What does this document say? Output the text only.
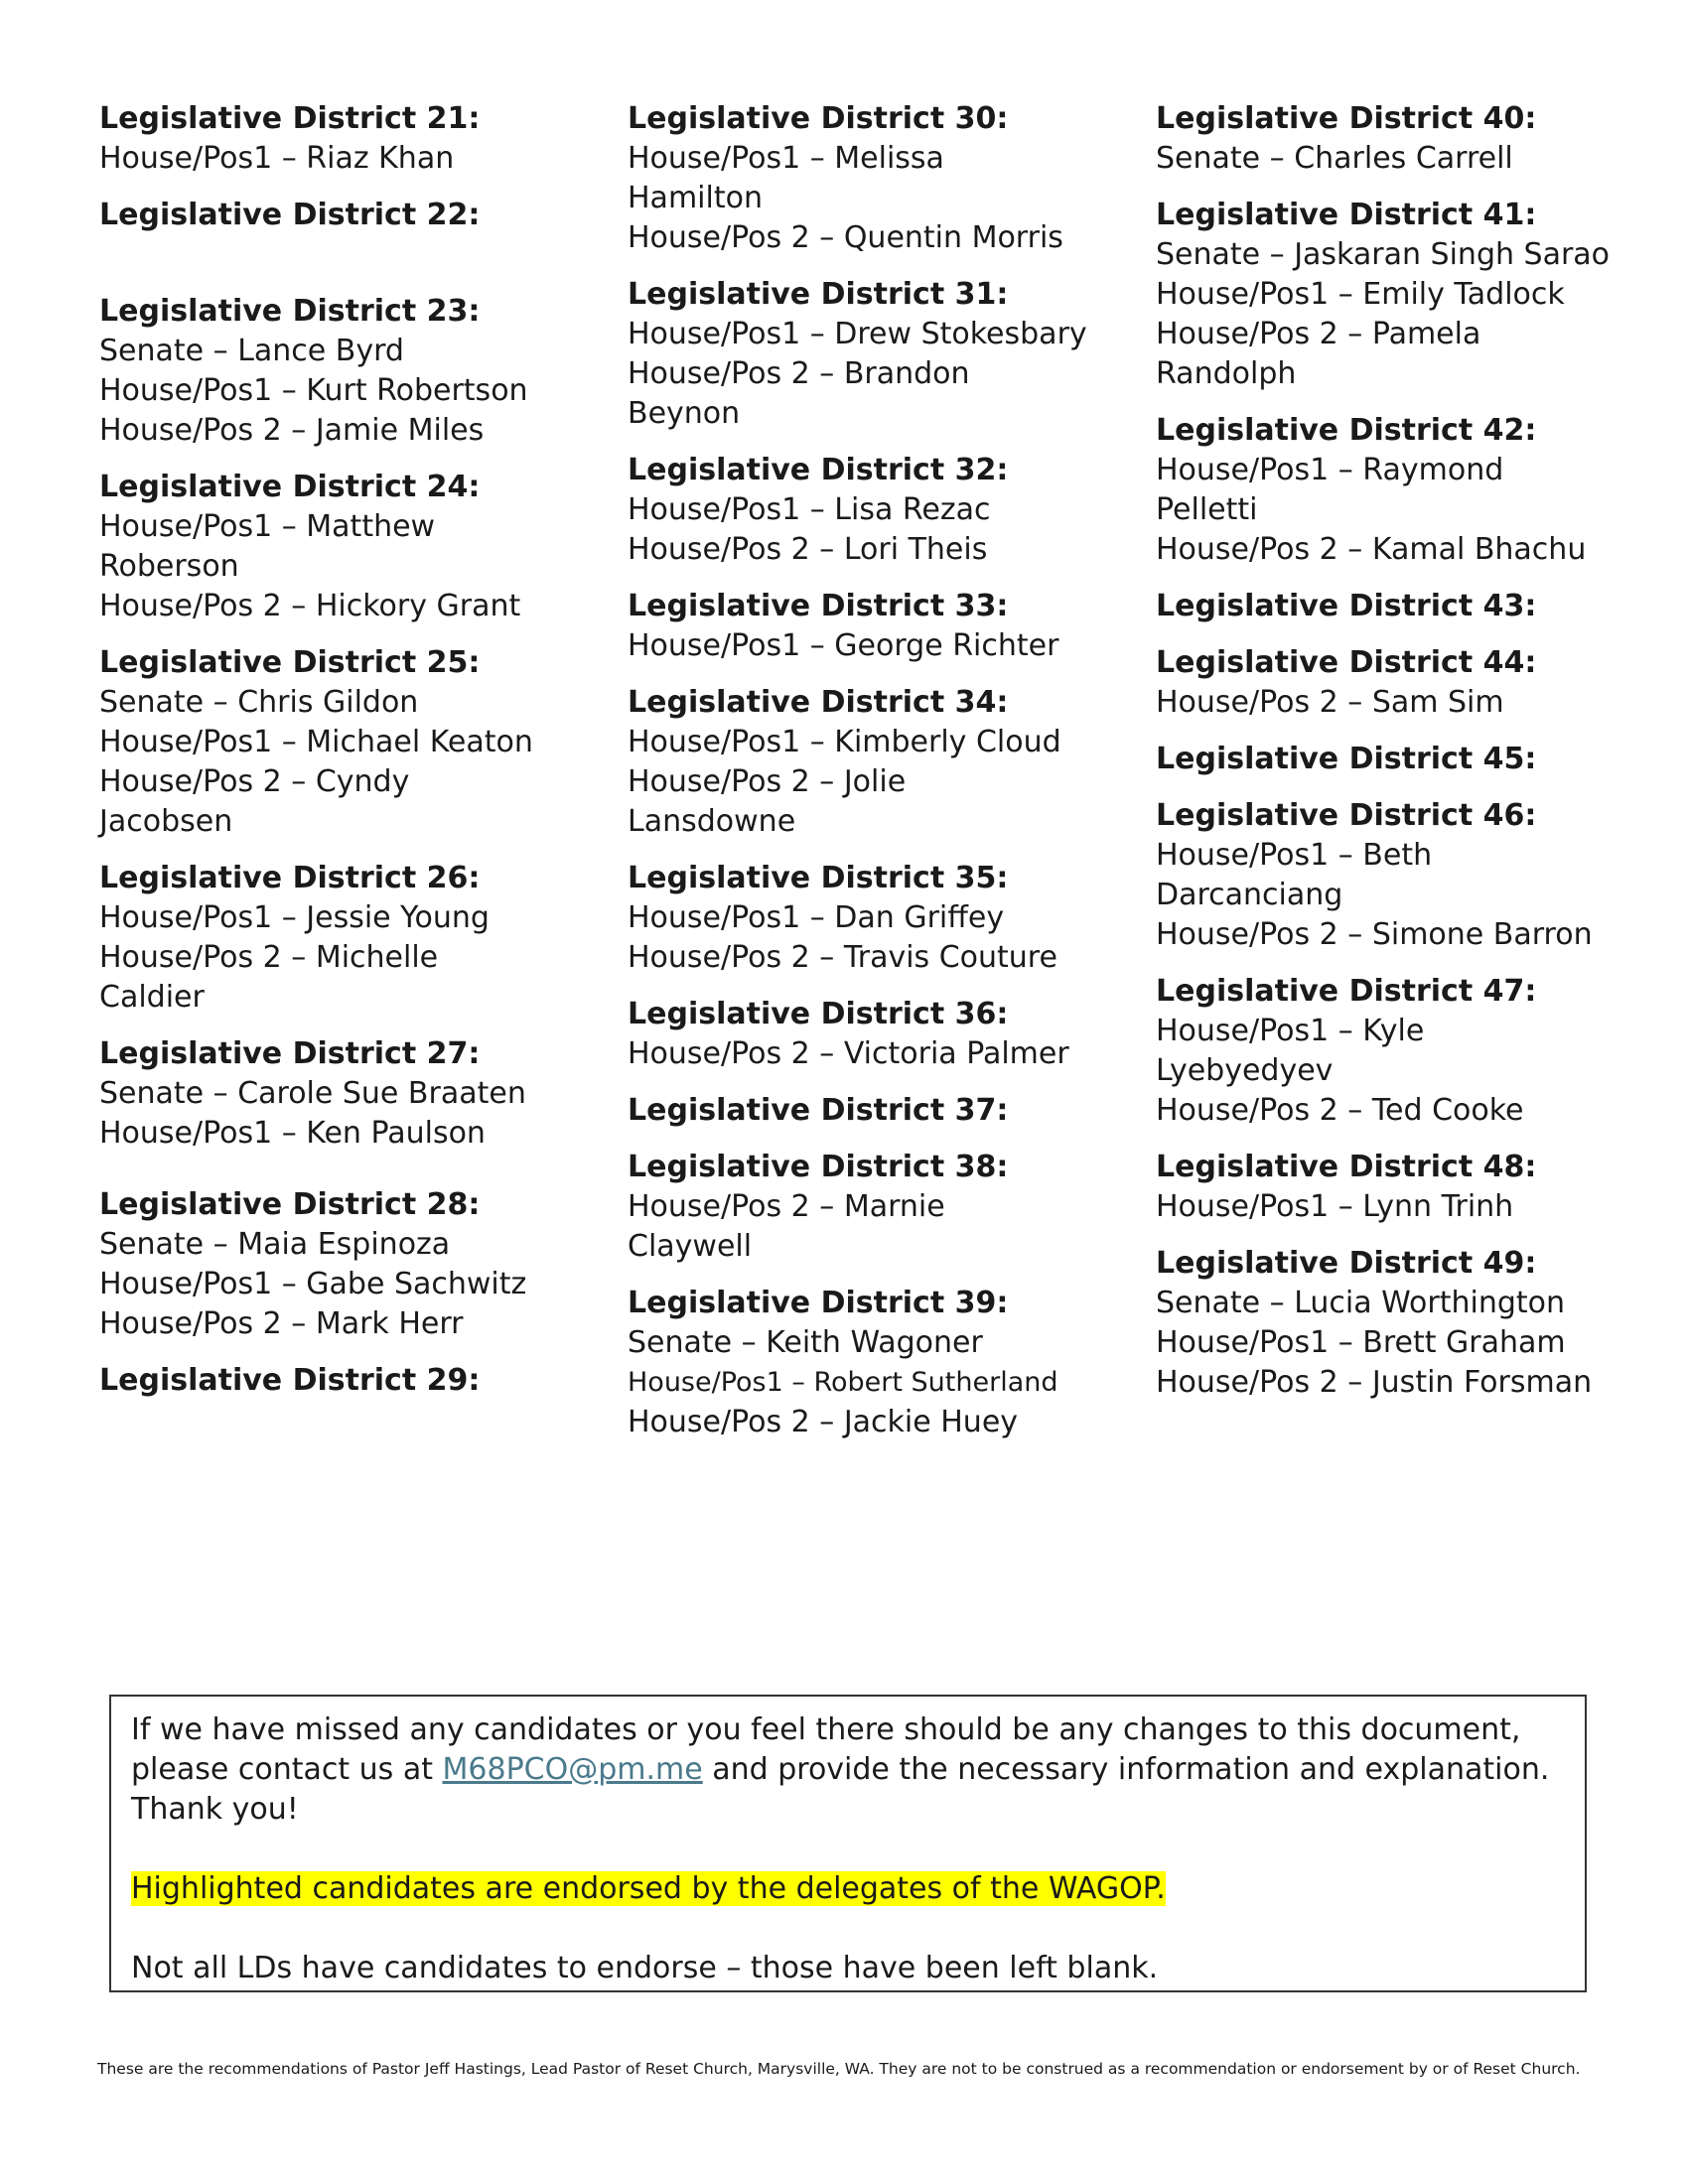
Legislative District 21:
House/Pos1 – Riaz Khan
Legislative District 22:
Legislative District 23:
Senate – Lance Byrd
House/Pos1 – Kurt Robertson
House/Pos 2 – Jamie Miles
Legislative District 24:
House/Pos1 – Matthew
Roberson
House/Pos 2 – Hickory Grant
Legislative District 25:
Senate – Chris Gildon
House/Pos1 – Michael Keaton
House/Pos 2 – Cyndy
Jacobsen
Legislative District 26:
House/Pos1 – Jessie Young
House/Pos 2 – Michelle
Caldier
Legislative District 27:
Senate – Carole Sue Braaten
House/Pos1 – Ken Paulson
Legislative District 28:
Senate – Maia Espinoza
House/Pos1 – Gabe Sachwitz
House/Pos 2 – Mark Herr
Legislative District 29:
Legislative District 30:
House/Pos1 – Melissa
Hamilton
House/Pos 2 – Quentin Morris
Legislative District 31:
House/Pos1 – Drew Stokesbary
House/Pos 2 – Brandon
Beynon
Legislative District 32:
House/Pos1 – Lisa Rezac
House/Pos 2 – Lori Theis
Legislative District 33:
House/Pos1 – George Richter
Legislative District 34:
House/Pos1 – Kimberly Cloud
House/Pos 2 – Jolie
Lansdowne
Legislative District 35:
House/Pos1 – Dan Griffey
House/Pos 2 – Travis Couture
Legislative District 36:
House/Pos 2 – Victoria Palmer
Legislative District 37:
Legislative District 38:
House/Pos 2 – Marnie
Claywell
Legislative District 39:
Senate – Keith Wagoner
House/Pos1 – Robert Sutherland
House/Pos 2 – Jackie Huey
Legislative District 40:
Senate – Charles Carrell
Legislative District 41:
Senate – Jaskaran Singh Sarao
House/Pos1 – Emily Tadlock
House/Pos 2 – Pamela
Randolph
Legislative District 42:
House/Pos1 – Raymond
Pelletti
House/Pos 2 – Kamal Bhachu
Legislative District 43:
Legislative District 44:
House/Pos 2 – Sam Sim
Legislative District 45:
Legislative District 46:
House/Pos1 – Beth
Darcanciang
House/Pos 2 – Simone Barron
Legislative District 47:
House/Pos1 – Kyle
Lyebyedyev
House/Pos 2 – Ted Cooke
Legislative District 48:
House/Pos1 – Lynn Trinh
Legislative District 49:
Senate – Lucia Worthington
House/Pos1 – Brett Graham
House/Pos 2 – Justin Forsman

If we have missed any candidates or you feel there should be any changes to this document, please contact us at M68PCO@pm.me and provide the necessary information and explanation. Thank you!

Highlighted candidates are endorsed by the delegates of the WAGOP.

Not all LDs have candidates to endorse – those have been left blank.

These are the recommendations of Pastor Jeff Hastings, Lead Pastor of Reset Church, Marysville, WA. They are not to be construed as a recommendation or endorsement by or of Reset Church.
